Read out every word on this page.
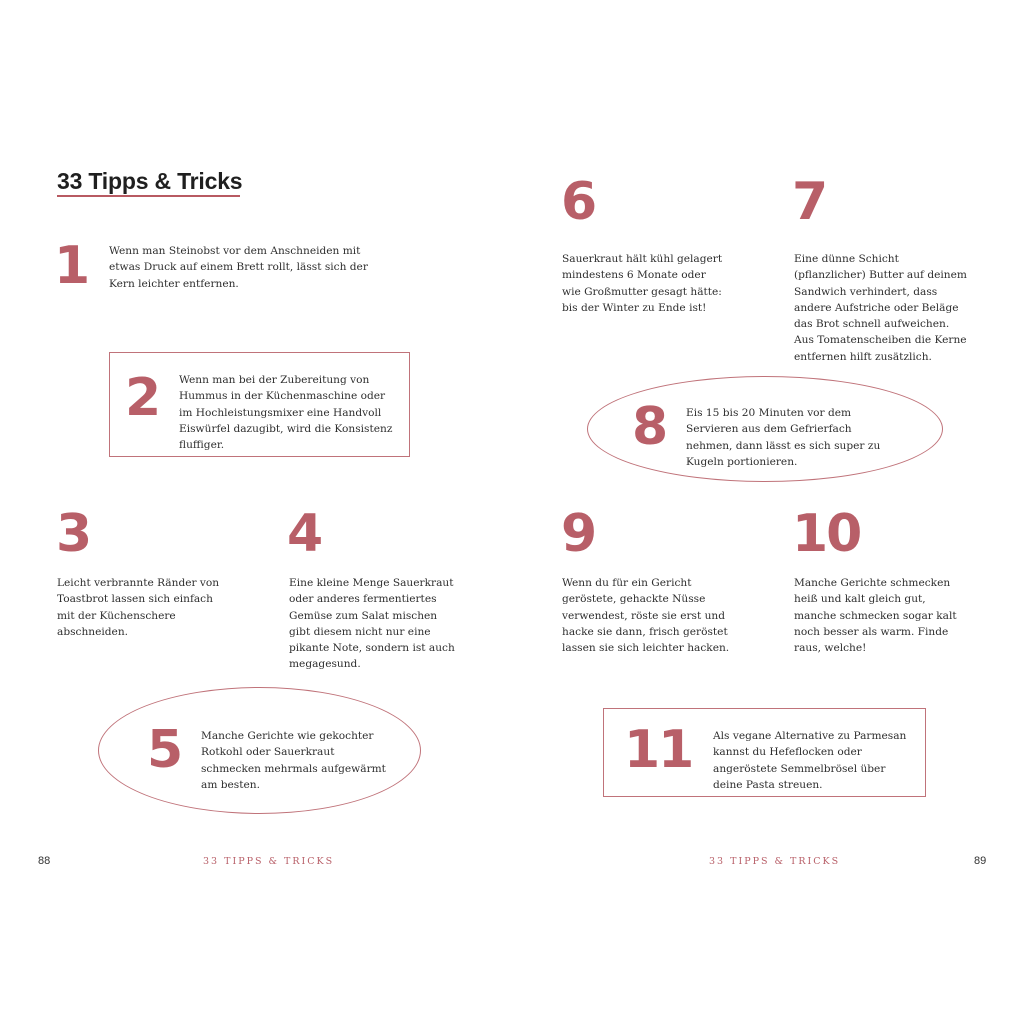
33 Tipps & Tricks
1 Wenn man Steinobst vor dem Anschneiden mit etwas Druck auf einem Brett rollt, lässt sich der Kern leichter entfernen.
2 Wenn man bei der Zubereitung von Hummus in der Küchenmaschine oder im Hochleistungsmixer eine Handvoll Eiswürfel dazugibt, wird die Konsistenz fluffiger.
3
Leicht verbrannte Ränder von Toastbrot lassen sich einfach mit der Küchenschere abschneiden.
4
Eine kleine Menge Sauerkraut oder anderes fermentiertes Gemüse zum Salat mischen gibt diesem nicht nur eine pikante Note, sondern ist auch megagesund.
5 Manche Gerichte wie gekochter Rotkohl oder Sauerkraut schmecken mehrmals aufgewärmt am besten.
6
Sauerkraut hält kühl gelagert mindestens 6 Monate oder wie Großmutter gesagt hätte: bis der Winter zu Ende ist!
7
Eine dünne Schicht (pflanzlicher) Butter auf deinem Sandwich verhindert, dass andere Aufstriche oder Beläge das Brot schnell aufweichen. Aus Tomatenscheiben die Kerne entfernen hilft zusätzlich.
8 Eis 15 bis 20 Minuten vor dem Servieren aus dem Gefrierfach nehmen, dann lässt es sich super zu Kugeln portionieren.
9
Wenn du für ein Gericht geröstete, gehackte Nüsse verwendest, röste sie erst und hacke sie dann, frisch geröstet lassen sie sich leichter hacken.
10
Manche Gerichte schmecken heiß und kalt gleich gut, manche schmecken sogar kalt noch besser als warm. Finde raus, welche!
11 Als vegane Alternative zu Parmesan kannst du Hefeflocken oder angeröstete Semmelbrösel über deine Pasta streuen.
88	33 TIPPS & TRICKS	33 TIPPS & TRICKS	89
